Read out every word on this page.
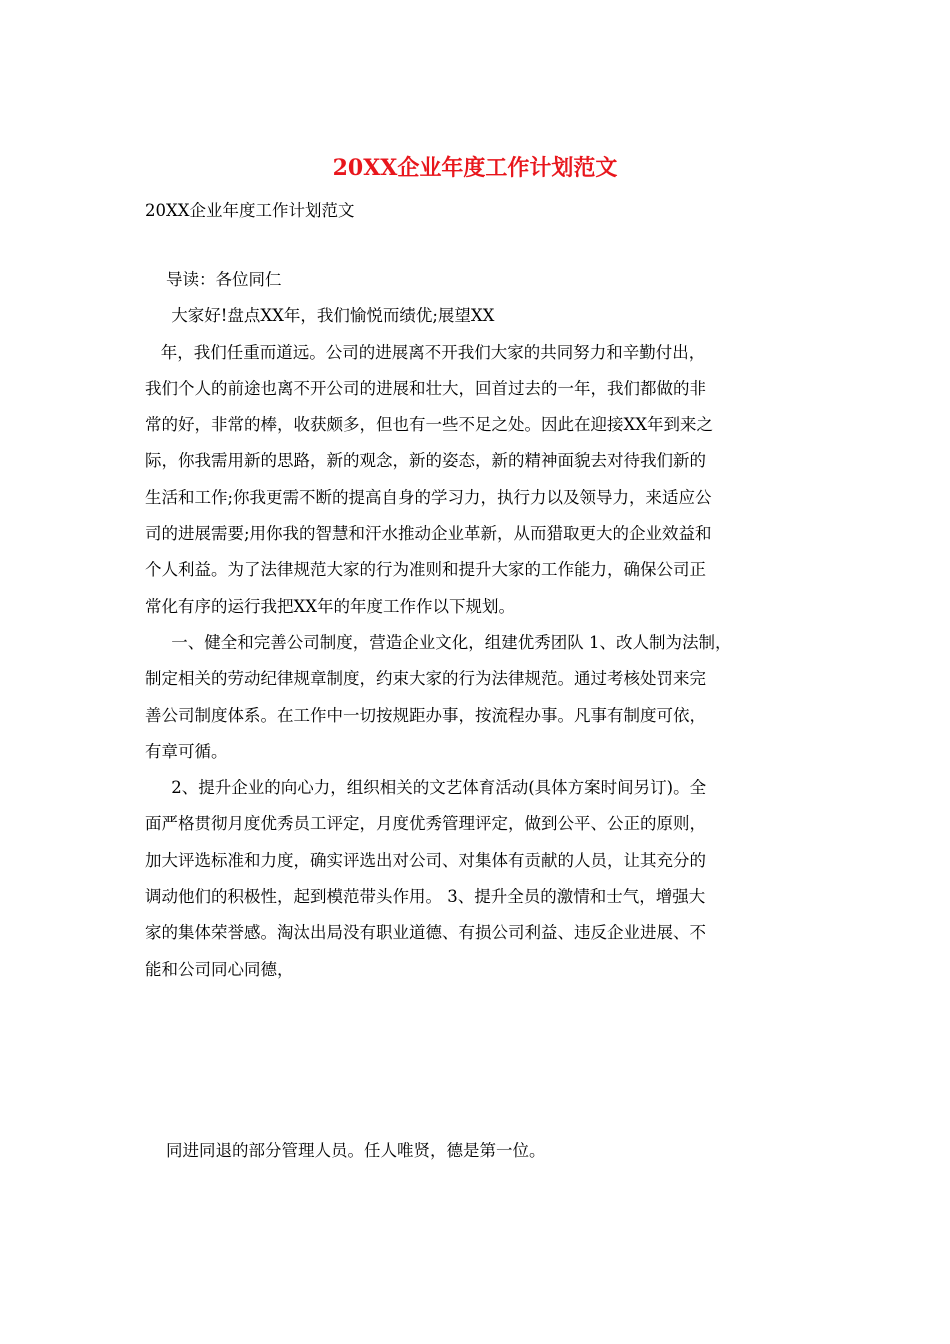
20XX企业年度工作计划范文

20XX企业年度工作计划范文

导读：各位同仁

大家好!盘点XX年，我们愉悦而绩优;展望XX

年，我们任重而道远。公司的进展离不开我们大家的共同努力和辛勤付出，

我们个人的前途也离不开公司的进展和壮大，回首过去的一年，我们都做的非

常的好，非常的棒，收获颇多，但也有一些不足之处。因此在迎接XX年到来之

际，你我需用新的思路，新的观念，新的姿态，新的精神面貌去对待我们新的

生活和工作;你我更需不断的提高自身的学习力，执行力以及领导力，来适应公

司的进展需要;用你我的智慧和汗水推动企业革新，从而猎取更大的企业效益和

个人利益。为了法律规范大家的行为准则和提升大家的工作能力，确保公司正

常化有序的运行我把XX年的年度工作作以下规划。

一、健全和完善公司制度，营造企业文化，组建优秀团队 1、改人制为法制，

制定相关的劳动纪律规章制度，约束大家的行为法律规范。通过考核处罚来完

善公司制度体系。在工作中一切按规距办事，按流程办事。凡事有制度可依，

有章可循。

2、提升企业的向心力，组织相关的文艺体育活动(具体方案时间另订)。全

面严格贯彻月度优秀员工评定，月度优秀管理评定，做到公平、公正的原则，

加大评选标准和力度，确实评选出对公司、对集体有贡献的人员，让其充分的

调动他们的积极性，起到模范带头作用。 3、提升全员的激情和士气，增强大

家的集体荣誉感。淘汰出局没有职业道德、有损公司利益、违反企业进展、不

能和公司同心同德，

同进同退的部分管理人员。任人唯贤，德是第一位。
